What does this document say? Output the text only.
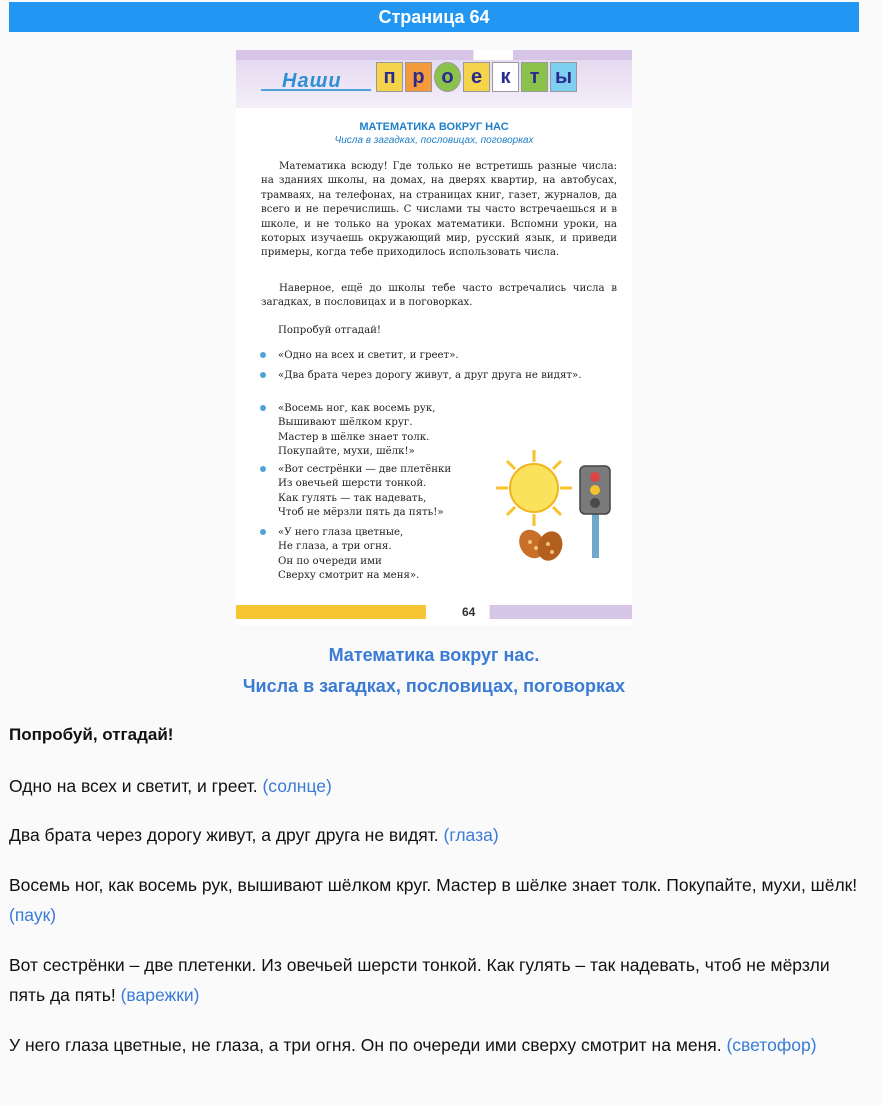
Страница 64
Наши	п р о е к т ы
МАТЕМАТИКА ВОКРУГ НАС
Числа в загадках, пословицах, поговорках

Математика всюду! Где только не встретишь разные числа: на зданиях школы, на домах, на дверях квартир, на автобусах, трамваях, на телефонах, на страницах книг, газет, журналов, да всего и не перечислишь. С числами ты часто встречаешься и в школе, и не только на уроках математики. Вспомни уроки, на которых изучаешь окружающий мир, русский язык, и приведи примеры, когда тебе приходилось использовать числа.

Наверное, ещё до школы тебе часто встречались числа в загадках, в пословицах и в поговорках.

Попробуй отгадай!
«Одно на всех и светит, и греет».
«Два брата через дорогу живут, а друг друга не видят».
«Восемь ног, как восемь рук,
Вышивают шёлком круг.
Мастер в шёлке знает толк.
Покупайте, мухи, шёлк!»
«Вот сестрёнки — две плетёнки
Из овечьей шерсти тонкой.
Как гулять — так надевать,
Чтоб не мёрзли пять да пять!»
«У него глаза цветные,
Не глаза, а три огня.
Он по очереди ими
Сверху смотрит на меня».
64
Математика вокруг нас.
Числа в загадках, пословицах, поговорках
Попробуй, отгадай!
Одно на всех и светит, и греет. (солнце)
Два брата через дорогу живут, а друг друга не видят. (глаза)
Восемь ног, как восемь рук, вышивают шёлком круг. Мастер в шёлке знает толк. Покупайте, мухи, шёлк! (паук)
Вот сестрёнки – две плетенки. Из овечьей шерсти тонкой. Как гулять – так надевать, чтоб не мёрзли пять да пять! (варежки)
У него глаза цветные, не глаза, а три огня. Он по очереди ими сверху смотрит на меня. (светофор)
